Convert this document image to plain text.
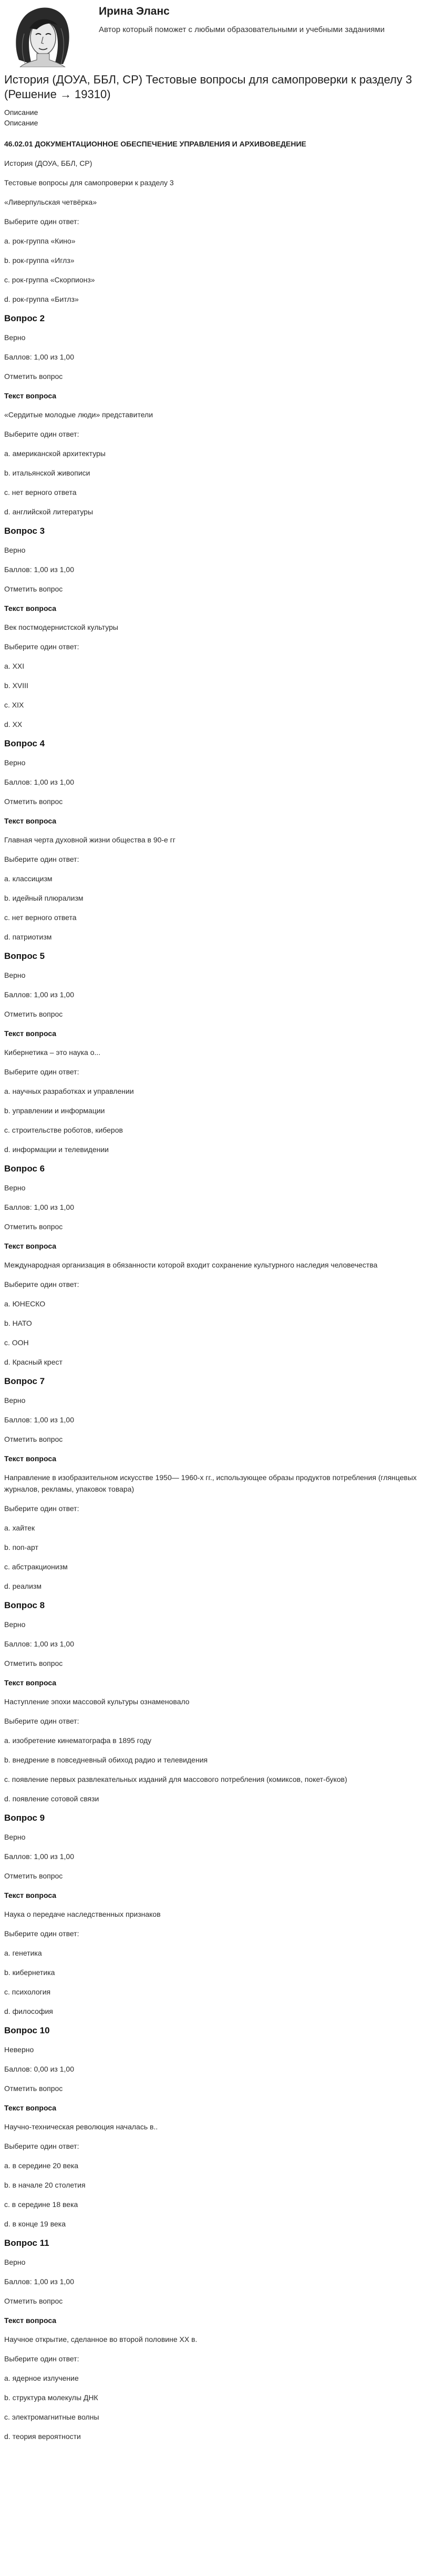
Ирина Эланс
Автор который поможет с любыми образовательными и учебными заданиями
История (ДОУА, ББЛ, СР) Тестовые вопросы для самопроверки к разделу 3 (Решение → 19310)

Описание

Описание

46.02.01 ДОКУМЕНТАЦИОННОЕ ОБЕСПЕЧЕНИЕ УПРАВЛЕНИЯ И АРХИВОВЕДЕНИЕ
История (ДОУА, ББЛ, СР)
Тестовые вопросы для самопроверки к разделу 3
«Ливерпульская четвёрка»
Выберите один ответ:
a. рок-группа «Кино»
b. рок-группа «Иглз»
c. рок-группа «Скорпионз»
d. рок-группа «Битлз»
Вопрос 2
Верно
Баллов: 1,00 из 1,00
Отметить вопрос
Текст вопроса
«Сердитые молодые люди» представители
Выберите один ответ:
a. американской архитектуры
b. итальянской живописи
c. нет верного ответа
d. английской литературы
Вопрос 3
Верно
Баллов: 1,00 из 1,00
Отметить вопрос
Текст вопроса
Век постмодернистской культуры
Выберите один ответ:
a. XXI
b. XVIII
c. XIX
d. XX
Вопрос 4
Верно
Баллов: 1,00 из 1,00
Отметить вопрос
Текст вопроса
Главная черта духовной жизни общества в 90-е гг
Выберите один ответ:
a. классицизм
b. идейный плюрализм
c. нет верного ответа
d. патриотизм
Вопрос 5
Верно
Баллов: 1,00 из 1,00
Отметить вопрос
Текст вопроса
Кибернетика – это наука о...
Выберите один ответ:
a. научных разработках и управлении
b. управлении и информации
c. строительстве роботов, киберов
d. информации и телевидении
Вопрос 6
Верно
Баллов: 1,00 из 1,00
Отметить вопрос
Текст вопроса
Международная организация в обязанности которой входит сохранение культурного наследия человечества
Выберите один ответ:
a. ЮНЕСКО
b. НАТО
c. ООН
d. Красный крест
Вопрос 7
Верно
Баллов: 1,00 из 1,00
Отметить вопрос
Текст вопроса
Направление в изобразительном искусстве 1950— 1960-х гг., использующее образы продуктов потребления (глянцевых журналов, рекламы, упаковок товара)
Выберите один ответ:
a. хайтек
b. поп-арт
c. абстракционизм
d. реализм
Вопрос 8
Верно
Баллов: 1,00 из 1,00
Отметить вопрос
Текст вопроса
Наступление эпохи массовой культуры ознаменовало
Выберите один ответ:
a. изобретение кинематографа в 1895 году
b. внедрение в повседневный обиход радио и телевидения
c. появление первых развлекательных изданий для массового потребления (комиксов, покет-буков)
d. появление сотовой связи
Вопрос 9
Верно
Баллов: 1,00 из 1,00
Отметить вопрос
Текст вопроса
Наука о передаче наследственных признаков
Выберите один ответ:
a. генетика
b. кибернетика
c. психология
d. философия
Вопрос 10
Неверно
Баллов: 0,00 из 1,00
Отметить вопрос
Текст вопроса
Научно-техническая революция началась в..
Выберите один ответ:
a. в середине 20 века
b. в начале 20 столетия
c. в середине 18 века
d. в конце 19 века
Вопрос 11
Верно
Баллов: 1,00 из 1,00
Отметить вопрос
Текст вопроса
Научное открытие, сделанное во второй половине XX в.
Выберите один ответ:
a. ядерное излучение
b. структура молекулы ДНК
c. электромагнитные волны
d. теория вероятности
